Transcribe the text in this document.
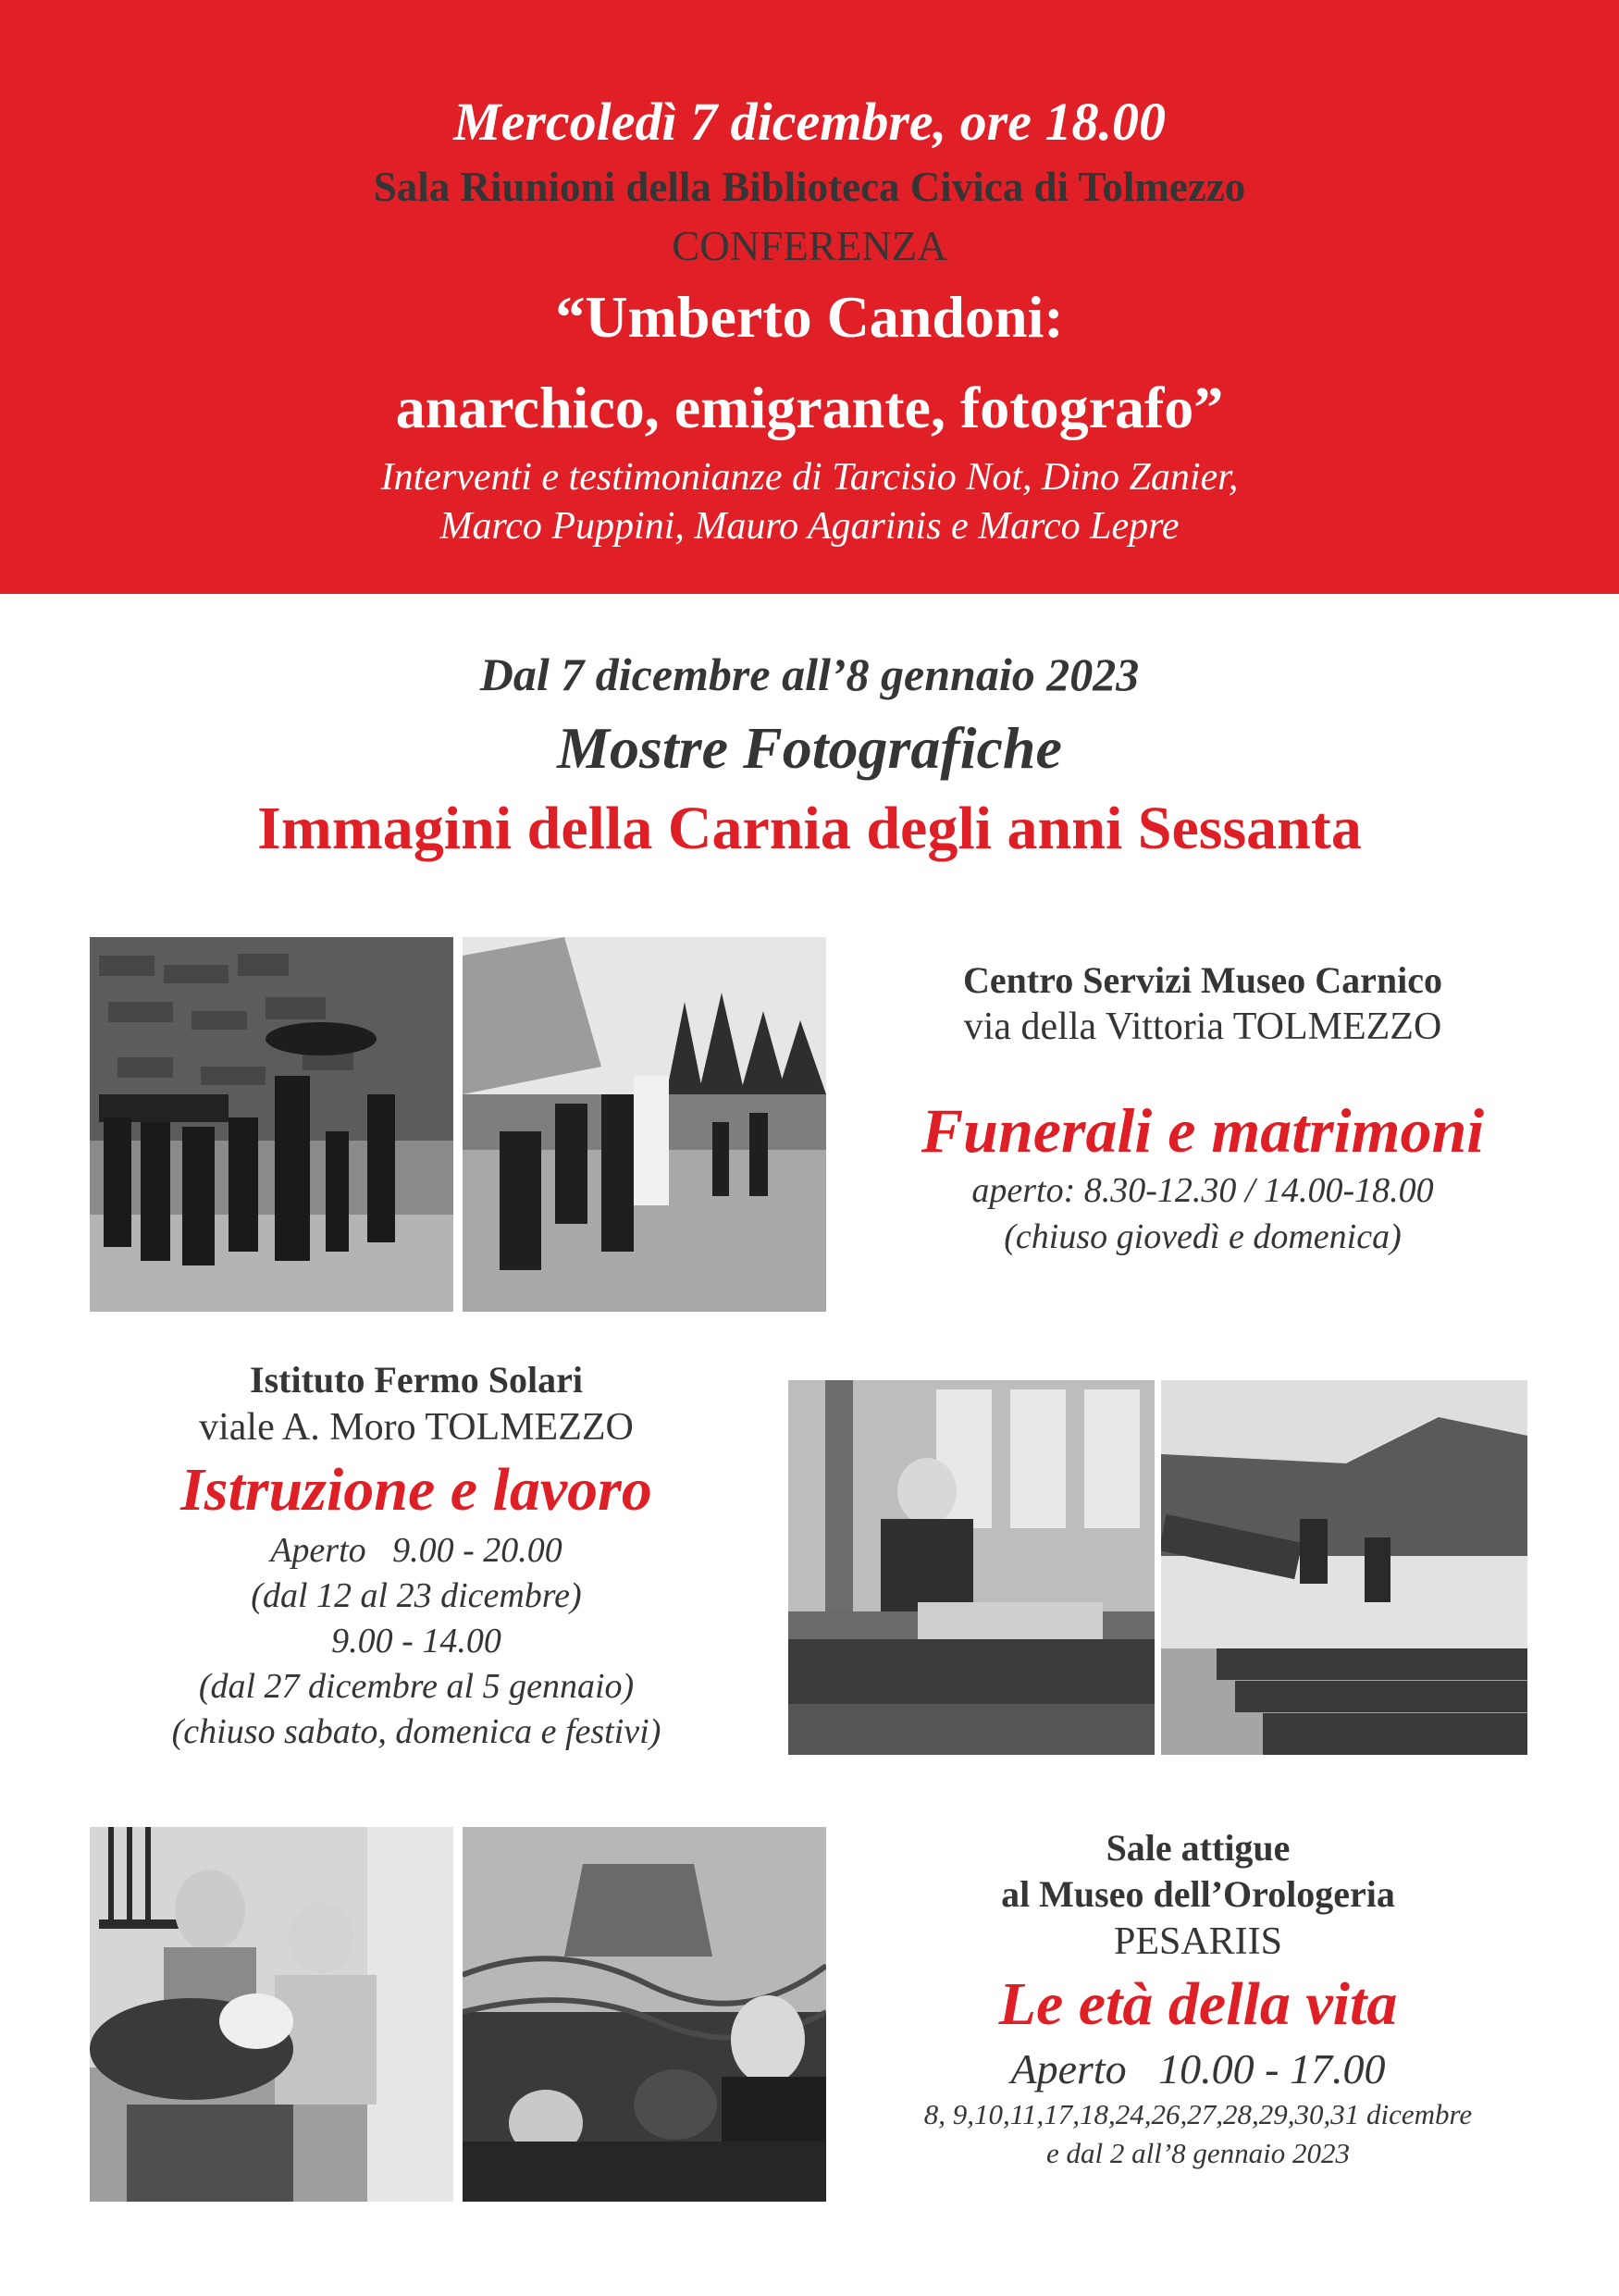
Mercoledì 7 dicembre, ore 18.00
Sala Riunioni della Biblioteca Civica di Tolmezzo
CONFERENZA
“Umberto Candoni:
anarchico, emigrante, fotografo”
Interventi e testimonianze di Tarcisio Not, Dino Zanier,
Marco Puppini, Mauro Agarinis e Marco Lepre
Dal 7 dicembre all’8 gennaio 2023
Mostre Fotografiche
Immagini della Carnia degli anni Sessanta
Centro Servizi Museo Carnico
via della Vittoria TOLMEZZO
Funerali e matrimoni
aperto: 8.30-12.30 / 14.00-18.00
(chiuso giovedì e domenica)
Istituto Fermo Solari
viale A. Moro TOLMEZZO
Istruzione e lavoro
Aperto   9.00 - 20.00
(dal 12 al 23 dicembre)
9.00 - 14.00
(dal 27 dicembre al 5 gennaio)
(chiuso sabato, domenica e festivi)
Sale attigue
al Museo dell’Orologeria
PESARIIS
Le età della vita
Aperto   10.00 - 17.00
8, 9,10,11,17,18,24,26,27,28,29,30,31 dicembre
e dal 2 all’8 gennaio 2023
